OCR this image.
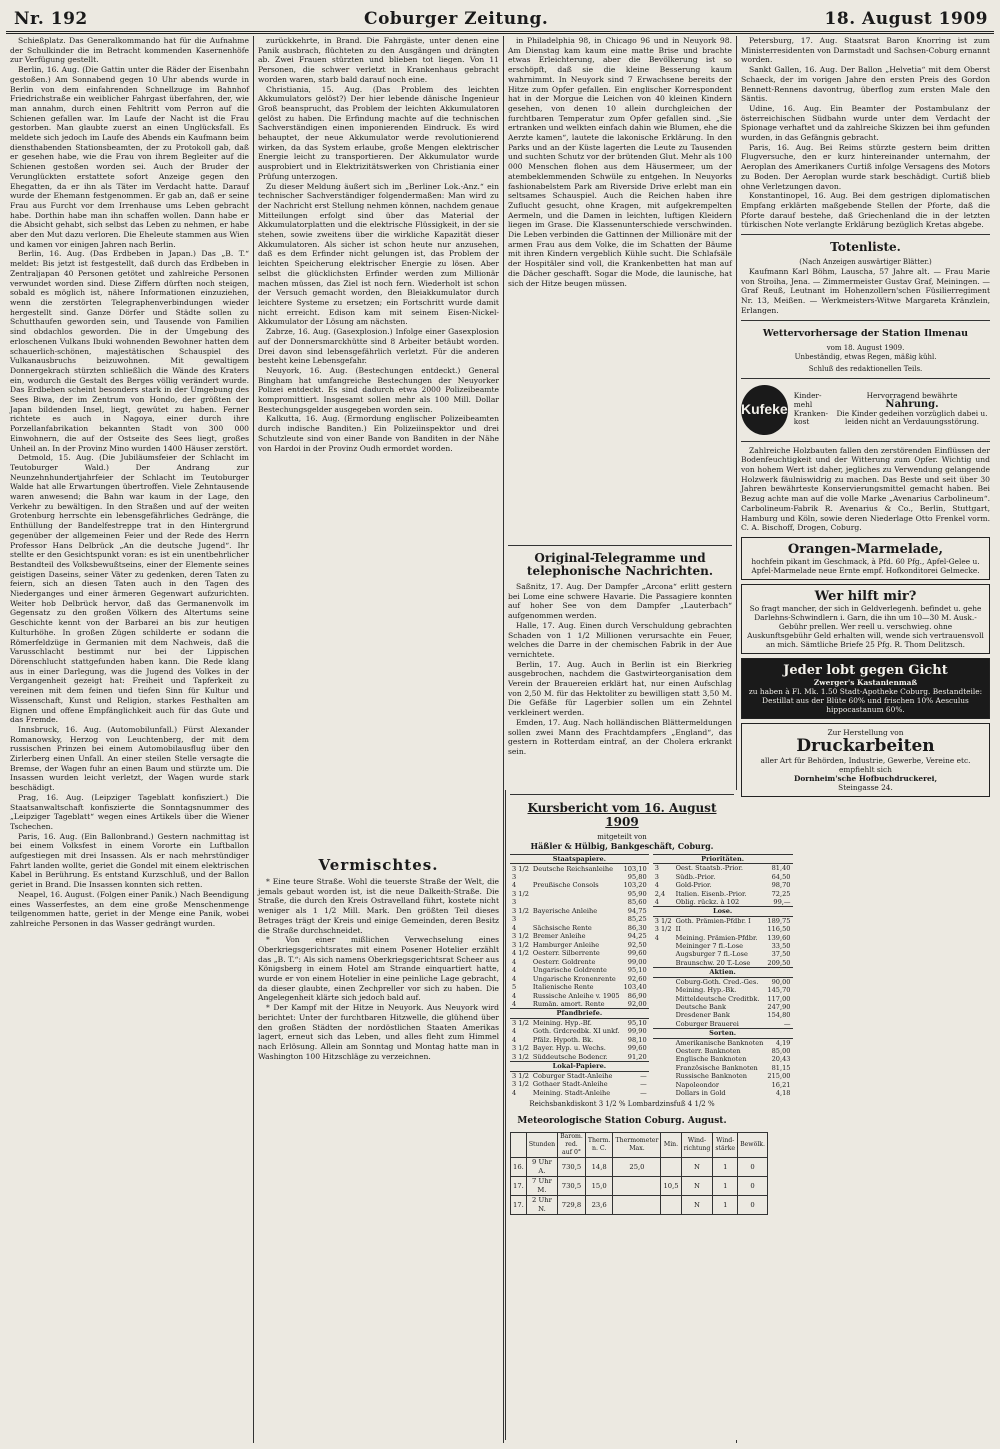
Nr. 192	Coburger Zeitung.	18. August 1909

Schießplatz. Das Generalkommando hat für die Aufnahme der Schulkinder die im Betracht kommenden Kasernenhöfe zur Verfügung gestellt.

Berlin, 16. Aug. (Die Gattin unter die Räder der Eisenbahn gestoßen.) Am Sonnabend gegen 10 Uhr abends wurde in Berlin von dem einfahrenden Schnellzuge im Bahnhof Friedrichstraße ein weiblicher Fahrgast überfahren, der, wie man annahm, durch einen Fehltritt vom Perron auf die Schienen gefallen war. Im Laufe der Nacht ist die Frau gestorben. Man glaubte zuerst an einen Unglücksfall. Es meldete sich jedoch im Laufe des Abends ein Kaufmann beim diensthabenden Stationsbeamten, der zu Protokoll gab, daß er gesehen habe, wie die Frau von ihrem Begleiter auf die Schienen gestoßen worden sei. Auch der Bruder der Verunglückten erstattete sofort Anzeige gegen den Ehegatten, da er ihn als Täter im Verdacht hatte. Darauf wurde der Ehemann festgenommen. Er gab an, daß er seine Frau aus Furcht vor dem Irrenhause ums Leben gebracht habe. Dorthin habe man ihn schaffen wollen. Dann habe er die Absicht gehabt, sich selbst das Leben zu nehmen, er habe aber den Mut dazu verloren. Die Eheleute stammen aus Wien und kamen vor einigen Jahren nach Berlin.

Berlin, 16. Aug. (Das Erdbeben in Japan.) Das „B. T.“ meldet: Bis jetzt ist festgestellt, daß durch das Erdbeben in Zentraljapan 40 Personen getötet und zahlreiche Personen verwundet worden sind. Diese Ziffern dürften noch steigen, sobald es möglich ist, nähere Informationen einzuziehen, wenn die zerstörten Telegraphenverbindungen wieder hergestellt sind. Ganze Dörfer und Städte sollen zu Schutthaufen geworden sein, und Tausende von Familien sind obdachlos geworden. Die in der Umgebung des erloschenen Vulkans Ibuki wohnenden Bewohner hatten dem schauerlich-schönen, majestätischen Schauspiel des Vulkanausbruchs beizuwohnen. Mit gewaltigem Donnergekrach stürzten schließlich die Wände des Kraters ein, wodurch die Gestalt des Berges völlig verändert wurde. Das Erdbeben scheint besonders stark in der Umgebung des Sees Biwa, der im Zentrum von Hondo, der größten der Japan bildenden Insel, liegt, gewütet zu haben. Ferner richtete es auch in Nagoya, einer durch ihre Porzellanfabrikation bekannten Stadt von 300 000 Einwohnern, die auf der Ostseite des Sees liegt, großes Unheil an. In der Provinz Mino wurden 1400 Häuser zerstört.

Detmold, 15. Aug. (Die Jubiläumsfeier der Schlacht im Teutoburger Wald.) Der Andrang zur Neunzehnhundertjahrfeier der Schlacht im Teutoburger Walde hat alle Erwartungen übertroffen. Viele Zehntausende waren anwesend; die Bahn war kaum in der Lage, den Verkehr zu bewältigen. In den Straßen und auf der weiten Grotenburg herrschte ein lebensgefährliches Gedränge, die Enthüllung der Bandelfestreppe trat in den Hintergrund gegenüber der allgemeinen Feier und der Rede des Herrn Professor Hans Delbrück „An die deutsche Jugend“. Ihr stellte er den Gesichtspunkt voran: es ist ein unentbehrlicher Bestandteil des Volksbewußtseins, einer der Elemente seines geistigen Daseins, seiner Väter zu gedenken, deren Taten zu feiern, sich an diesen Taten auch in den Tagen des Niederganges und einer ärmeren Gegenwart aufzurichten. Weiter hob Delbrück hervor, daß das Germanenvolk im Gegensatz zu den großen Völkern des Altertums seine Geschichte kennt von der Barbarei an bis zur heutigen Kulturhöhe. In großen Zügen schilderte er sodann die Römerfeldzüge in Germanien mit dem Nachweis, daß die Varusschlacht bestimmt nur bei der Lippischen Dörenschlucht stattgefunden haben kann. Die Rede klang aus in einer Darlegung, was die Jugend des Volkes in der Vergangenheit gezeigt hat: Freiheit und Tapferkeit zu vereinen mit dem feinen und tiefen Sinn für Kultur und Wissenschaft, Kunst und Religion, starkes Festhalten am Eignen und offene Empfänglichkeit auch für das Gute und das Fremde.

Innsbruck, 16. Aug. (Automobilunfall.) Fürst Alexander Romanowsky, Herzog von Leuchtenberg, der mit dem russischen Prinzen bei einem Automobilausflug über den Zirlerberg einen Unfall. An einer steilen Stelle versagte die Bremse, der Wagen fuhr an einen Baum und stürzte um. Die Insassen wurden leicht verletzt, der Wagen wurde stark beschädigt.

Prag, 16. Aug. (Leipziger Tageblatt konfisziert.) Die Staatsanwaltschaft konfiszierte die Sonntagsnummer des „Leipziger Tageblatt“ wegen eines Artikels über die Wiener Tschechen.

Paris, 16. Aug. (Ein Ballonbrand.) Gestern nachmittag ist bei einem Volksfest in einem Vororte ein Luftballon aufgestiegen mit drei Insassen. Als er nach mehrstündiger Fahrt landen wollte, geriet die Gondel mit einem elektrischen Kabel in Berührung. Es entstand Kurzschluß, und der Ballon geriet in Brand. Die Insassen konnten sich retten.

Neapel, 16. August. (Folgen einer Panik.) Nach Beendigung eines Wasserfestes, an dem eine große Menschenmenge teilgenommen hatte, geriet in der Menge eine Panik, wobei zahlreiche Personen in das Wasser gedrängt wurden.

zurückkehrte, in Brand. Die Fahrgäste, unter denen eine Panik ausbrach, flüchteten zu den Ausgängen und drängten ab. Zwei Frauen stürzten und blieben tot liegen. Von 11 Personen, die schwer verletzt in Krankenhaus gebracht worden waren, starb bald darauf noch eine.

Christiania, 15. Aug. (Das Problem des leichten Akkumulators gelöst?) Der hier lebende dänische Ingenieur Groß beansprucht, das Problem der leichten Akkumulatoren gelöst zu haben. Die Erfindung machte auf die technischen Sachverständigen einen imponierenden Eindruck. Es wird behauptet, der neue Akkumulator werde revolutionierend wirken, da das System erlaube, große Mengen elektrischer Energie leicht zu transportieren. Der Akkumulator wurde ausprobiert und in Elektrizitätswerken von Christiania einer Prüfung unterzogen.

Zu dieser Meldung äußert sich im „Berliner Lok.-Anz.“ ein technischer Sachverständiger folgendermaßen: Man wird zu der Nachricht erst Stellung nehmen können, nachdem genaue Mitteilungen erfolgt sind über das Material der Akkumulatorplatten und die elektrische Flüssigkeit, in der sie stehen, sowie zweitens über die wirkliche Kapazität dieser Akkumulatoren. Als sicher ist schon heute nur anzusehen, daß es dem Erfinder nicht gelungen ist, das Problem der leichten Speicherung elektrischer Energie zu lösen. Aber selbst die glücklichsten Erfinder werden zum Millionär machen müssen, das Ziel ist noch fern. Wiederholt ist schon der Versuch gemacht worden, den Bleiakkumulator durch leichtere Systeme zu ersetzen; ein Fortschritt wurde damit nicht erreicht. Edison kam mit seinem Eisen-Nickel-Akkumulator der Lösung am nächsten.

Zabrze, 16. Aug. (Gasexplosion.) Infolge einer Gasexplosion auf der Donnersmarckhütte sind 8 Arbeiter betäubt worden. Drei davon sind lebensgefährlich verletzt. Für die anderen besteht keine Lebensgefahr.

Neuyork, 16. Aug. (Bestechungen entdeckt.) General Bingham hat umfangreiche Bestechungen der Neuyorker Polizei entdeckt. Es sind dadurch etwa 2000 Polizeibeamte kompromittiert. Insgesamt sollen mehr als 100 Mill. Dollar Bestechungsgelder ausgegeben worden sein.

Kalkutta, 16. Aug. (Ermordung englischer Polizeibeamten durch indische Banditen.) Ein Polizeiinspektor und drei Schutzleute sind von einer Bande von Banditen in der Nähe von Hardoi in der Provinz Oudh ermordet worden.

Vermischtes.

* Eine teure Straße. Wohl die teuerste Straße der Welt, die jemals gebaut worden ist, ist die neue Dalkeith-Straße. Die Straße, die durch den Kreis Ostravelland führt, kostete nicht weniger als 1 1/2 Mill. Mark. Den größten Teil dieses Betrages trägt der Kreis und einige Gemeinden, deren Besitz die Straße durchschneidet.

* Von einer mißlichen Verwechselung eines Oberkriegsgerichtsrates mit einem Posener Hotelier erzählt das „B. T.“: Als sich namens Oberkriegsgerichtsrat Scheer aus Königsberg in einem Hotel am Strande einquartiert hatte, wurde er von einem Hotelier in eine peinliche Lage gebracht, da dieser glaubte, einen Zechpreller vor sich zu haben. Die Angelegenheit klärte sich jedoch bald auf.

* Der Kampf mit der Hitze in Neuyork. Aus Neuyork wird berichtet: Unter der furchtbaren Hitzwelle, die glühend über den großen Städten der nordöstlichen Staaten Amerikas lagert, erneut sich das Leben, und alles fleht zum Himmel nach Erlösung. Allein am Sonntag und Montag hatte man in Washington 100 Hitzschläge zu verzeichnen.

in Philadelphia 98, in Chicago 96 und in Neuyork 98. Am Dienstag kam kaum eine matte Brise und brachte etwas Erleichterung, aber die Bevölkerung ist so erschöpft, daß sie die kleine Besserung kaum wahrnimmt. In Neuyork sind 7 Erwachsene bereits der Hitze zum Opfer gefallen. Ein englischer Korrespondent hat in der Morgue die Leichen von 40 kleinen Kindern gesehen, von denen 10 allein durchgleichen der furchtbaren Temperatur zum Opfer gefallen sind. „Sie ertranken und welkten einfach dahin wie Blumen, ehe die Aerzte kamen“, lautete die lakonische Erklärung. In den Parks und an der Küste lagerten die Leute zu Tausenden und suchten Schutz vor der brütenden Glut. Mehr als 100 000 Menschen flohen aus dem Häusermeer, um der atembeklemmenden Schwüle zu entgehen. In Neuyorks fashionabelstem Park am Riverside Drive erlebt man ein seltsames Schauspiel. Auch die Reichen haben ihre Zuflucht gesucht, ohne Kragen, mit aufgekrempelten Aermeln, und die Damen in leichten, luftigen Kleidern liegen im Grase. Die Klassenunterschiede verschwinden. Die Leben verbinden die Gattinnen der Millionäre mit der armen Frau aus dem Volke, die im Schatten der Bäume mit ihren Kindern vergeblich Kühle sucht. Die Schlafsäle der Hospitäler sind voll, die Krankenbetten hat man auf die Dächer geschafft. Sogar die Mode, die launische, hat sich der Hitze beugen müssen.

Original-Telegramme und telephonische Nachrichten.

Saßnitz, 17. Aug. Der Dampfer „Arcona“ erlitt gestern bei Lome eine schwere Havarie. Die Passagiere konnten auf hoher See von dem Dampfer „Lauterbach“ aufgenommen werden.

Halle, 17. Aug. Einen durch Verschuldung gebrachten Schaden von 1 1/2 Millionen verursachte ein Feuer, welches die Darre in der chemischen Fabrik in der Aue vernichtete.

Berlin, 17. Aug. Auch in Berlin ist ein Bierkrieg ausgebrochen, nachdem die Gastwirteorganisation dem Verein der Brauereien erklärt hat, nur einen Aufschlag von 2,50 M. für das Hektoliter zu bewilligen statt 3,50 M. Die Gefäße für Lagerbier sollen um ein Zehntel verkleinert werden.

Emden, 17. Aug. Nach holländischen Blättermeldungen sollen zwei Mann des Frachtdampfers „England“, das gestern in Rotterdam eintraf, an der Cholera erkrankt sein.

Petersburg, 17. Aug. Staatsrat Baron Knorring ist zum Ministerresidenten von Darmstadt und Sachsen-Coburg ernannt worden.

Sankt Gallen, 16. Aug. Der Ballon „Helvetia“ mit dem Oberst Schaeck, der im vorigen Jahre den ersten Preis des Gordon Bennett-Rennens davontrug, überflog zum ersten Male den Säntis.

Udine, 16. Aug. Ein Beamter der Postambulanz der österreichischen Südbahn wurde unter dem Verdacht der Spionage verhaftet und da zahlreiche Skizzen bei ihm gefunden wurden, in das Gefängnis gebracht.

Paris, 16. Aug. Bei Reims stürzte gestern beim dritten Flugversuche, den er kurz hintereinander unternahm, der Aeroplan des Amerikaners Curtiß infolge Versagens des Motors zu Boden. Der Aeroplan wurde stark beschädigt. Curtiß blieb ohne Verletzungen davon.

Konstantinopel, 16. Aug. Bei dem gestrigen diplomatischen Empfang erklärten maßgebende Stellen der Pforte, daß die Pforte darauf bestehe, daß Griechenland die in der letzten türkischen Note verlangte Erklärung bezüglich Kretas abgebe.

Totenliste.
(Nach Anzeigen auswärtiger Blätter.)

Kaufmann Karl Böhm, Lauscha, 57 Jahre alt. — Frau Marie von Stroiha, Jena. — Zimmermeister Gustav Graf, Meiningen. — Graf Reuß, Leutnant im Hohenzollern'schen Füsilierregiment Nr. 13, Meißen. — Werkmeisters-Witwe Margareta Kränzlein, Erlangen.

Wettervorhersage der Station Ilmenau
vom 18. August 1909.
Unbeständig, etwas Regen, mäßig kühl.
Schluß des redaktionellen Teils.
Kufeke
Kinder-mehl
Kranken-kost
Hervorragend bewährte
Nahrung.
Die Kinder gedeihen vorzüglich dabei u. leiden nicht an Verdauungsstörung.

Zahlreiche Holzbauten fallen den zerstörenden Einflüssen der Bodenfeuchtigkeit und der Witterung zum Opfer. Wichtig und von hohem Wert ist daher, jegliches zu Verwendung gelangende Holzwerk fäulniswidrig zu machen. Das Beste und seit über 30 Jahren bewährteste Konservierungsmittel gemacht haben. Bei Bezug achte man auf die volle Marke „Avenarius Carbolineum“. Carbolineum-Fabrik R. Avenarius & Co., Berlin, Stuttgart, Hamburg und Köln, sowie deren Niederlage Otto Frenkel vorm. C. A. Bischoff, Drogen, Coburg.

Orangen-Marmelade,
hochfein pikant im Geschmack, à Pfd. 60 Pfg., Apfel-Gelee u. Apfel-Marmelade neue Ernte empf. Hofkonditorei Gelmecke.
Wer hilft mir?
So fragt mancher, der sich in Geldverlegenh. befindet u. gehe Darlehns-Schwindlern i. Garn, die ihn um 10—30 M. Ausk.-Gebühr prellen. Wer reell u. verschwieg. ohne Auskunftsgebühr Geld erhalten will, wende sich vertrauensvoll an mich. Sämtliche Briefe 25 Pfg. R. Thom Delitzsch.
Jeder lobt gegen Gicht
Zwerger's Kastanienmaß
zu haben à Fl. Mk. 1.50 Stadt-Apotheke Coburg. Bestandteile: Destillat aus der Blüte 60% und frischen 10% Aesculus hippocastanum 60%.
Zur Herstellung von
Druckarbeiten
aller Art für Behörden, Industrie, Gewerbe, Vereine etc. empfiehlt sich
Dornheim'sche Hofbuchdruckerei,
Steingasse 24.
Kursbericht vom 16. August 1909
mitgeteilt von
Häßler & Hülbig, Bankgeschäft, Coburg.
Staatspapiere.		
3 1/2	Deutsche Reichsanleihe	103,10
3		95,80
4	Preußische Consols	103,20
3 1/2		95,90
3		85,60
3 1/2	Bayerische Anleihe	94,75
3		85,25
4	Sächsische Rente	86,30
3 1/2	Bremer Anleihe	94,25
3 1/2	Hamburger Anleihe	92,50
4 1/2	Oesterr. Silberrente	99,60
4	Oesterr. Goldrente	99,00
4	Ungarische Goldrente	95,10
4	Ungarische Kronenrente	92,60
5	Italienische Rente	103,40
4	Russische Anleihe v. 1905	86,90
4	Rumän. amort. Rente	92,00
Pfandbriefe.		
3 1/2	Meining. Hyp.-Bf.	95,10
4	Goth. Grdcredbk. XI unkf.	99,90
4	Pfälz. Hypoth. Bk.	98,10
3 1/2	Bayer. Hyp. u. Wechs.	99,60
3 1/2	Süddeutsche Bodencr.	91,20
Lokal-Papiere.		
3 1/2	Coburger Stadt-Anleihe	—
3 1/2	Gothaer Stadt-Anleihe	—
4	Meining. Stadt-Anleihe	—
Prioritäten.		
3	Oest. Staatsb.-Prior.	81,40
3	Südb.-Prior.	64,50
4	Gold-Prior.	98,70
2,4	Italien. Eisenb.-Prior.	72,25
4	Oblig. rückz. à 102	99,—
Lose.		
3 1/2	Goth. Prämien-Pfdbr. I	189,75
3 1/2	II	116,50
4	Meining. Prämien-Pfdbr.	139,60
	Meininger 7 fl.-Lose	33,50
	Augsburger 7 fl.-Lose	37,50
	Braunschw. 20 T.-Lose	209,50
Aktien.		
	Coburg-Goth. Cred.-Ges.	90,00
	Meining. Hyp.-Bk.	145,70
	Mitteldeutsche Creditbk.	117,00
	Deutsche Bank	247,90
	Dresdener Bank	154,80
	Coburger Brauerei	—
Sorten.		
	Amerikanische Banknoten	4,19
	Oesterr. Banknoten	85,00
	Englische Banknoten	20,43
	Französische Banknoten	81,15
	Russische Banknoten	215,00
	Napoleondor	16,21
	Dollars in Gold	4,18
Reichsbankdiskont 3 1/2 % Lombardzinsfuß 4 1/2 %
Meteorologische Station Coburg. August.
	Stunden	Barom. red. auf 0°	Therm. n. C.	Thermometer Max.	Min.	Wind-richtung	Wind-stärke	Bewölk.
16.	9 Uhr A.	730,5	14,8	25,0		N	1	0
17.	7 Uhr M.	730,5	15,0		10,5	N	1	0
17.	2 Uhr N.	729,8	23,6			N	1	0
